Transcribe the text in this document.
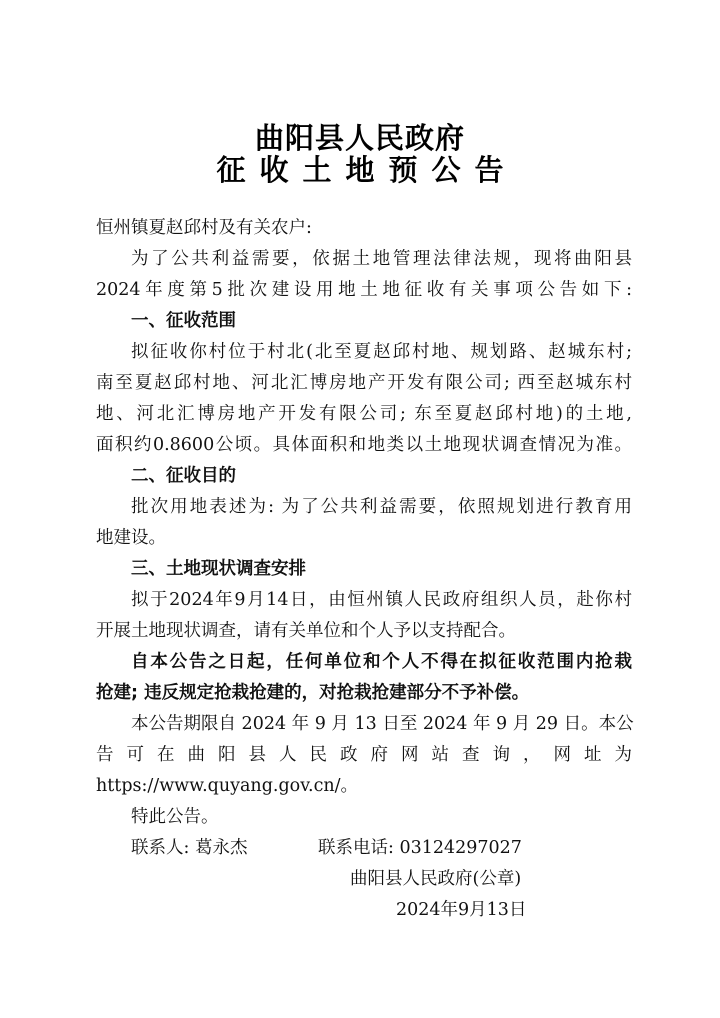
曲阳县人民政府
征收土地预公告
恒州镇夏赵邱村及有关农户:
为了公共利益需要，依据土地管理法律法规，现将曲阳县
2024年度第5批次建设用地土地征收有关事项公告如下:
一、征收范围
拟征收你村位于村北(北至夏赵邱村地、规划路、赵城东村;
南至夏赵邱村地、河北汇博房地产开发有限公司; 西至赵城东村
地、河北汇博房地产开发有限公司; 东至夏赵邱村地)的土地,
面积约0.8600公顷。具体面积和地类以土地现状调查情况为准。
二、征收目的
批次用地表述为: 为了公共利益需要，依照规划进行教育用
地建设。
三、土地现状调查安排
拟于2024年9月14日，由恒州镇人民政府组织人员，赴你村
开展土地现状调查，请有关单位和个人予以支持配合。
自本公告之日起，任何单位和个人不得在拟征收范围内抢栽
抢建; 违反规定抢栽抢建的，对抢栽抢建部分不予补偿。
本公告期限自 2024 年 9 月 13 日至 2024 年 9 月 29 日。本公
告 可 在 曲 阳 县 人 民 政 府 网 站 查 询 ， 网 址 为
https://www.quyang.gov.cn/。
特此公告。
联系人: 葛永杰	联系电话: 03124297027
曲阳县人民政府(公章)
2024年9月13日
